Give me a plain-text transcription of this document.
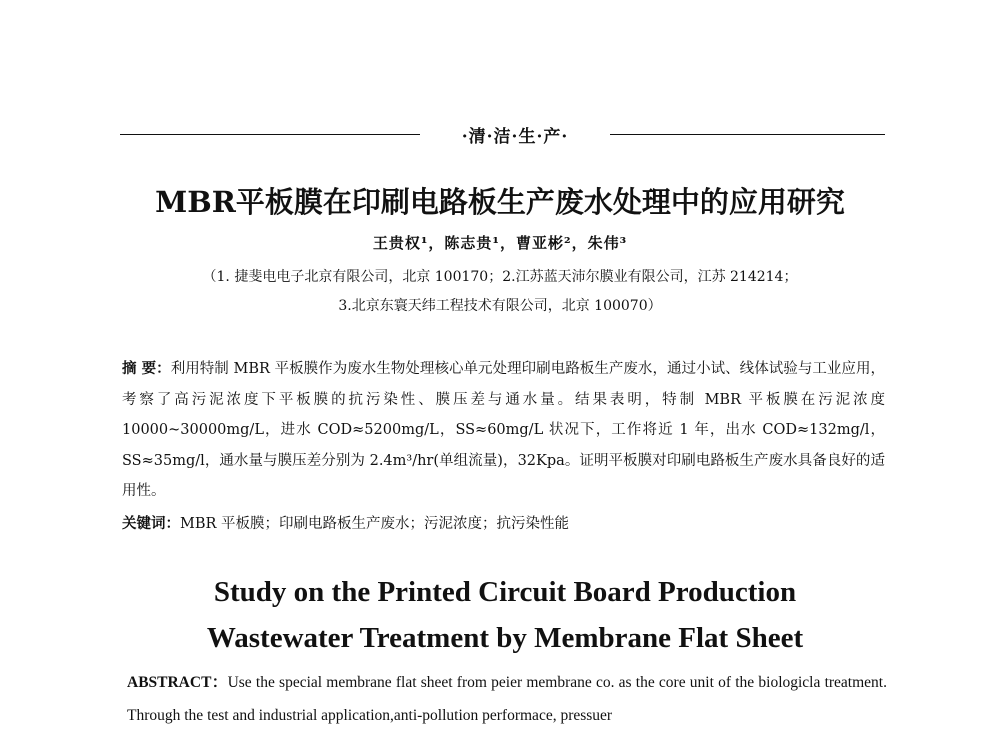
·清·洁·生·产·
MBR平板膜在印刷电路板生产废水处理中的应用研究
王贵权¹，陈志贵¹，曹亚彬²，朱伟³
（1. 捷斐电电子北京有限公司，北京 100170；2.江苏蓝天沛尔膜业有限公司，江苏 214214；
3.北京东寰天纬工程技术有限公司，北京 100070）
摘 要：利用特制 MBR 平板膜作为废水生物处理核心单元处理印刷电路板生产废水，通过小试、线体试验与工业应用，考察了高污泥浓度下平板膜的抗污染性、膜压差与通水量。结果表明，特制 MBR 平板膜在污泥浓度 10000~30000mg/L，进水 COD≈5200mg/L，SS≈60mg/L 状况下，工作将近 1 年，出水 COD≈132mg/l，SS≈35mg/l，通水量与膜压差分别为 2.4m³/hr(单组流量)，32Kpa。证明平板膜对印刷电路板生产废水具备良好的适用性。
关键词：MBR 平板膜；印刷电路板生产废水；污泥浓度；抗污染性能
Study on the Printed Circuit Board Production
Wastewater Treatment by Membrane Flat Sheet
ABSTRACT：Use the special membrane flat sheet from peier membrane co. as the core unit of the biologicla treatment. Through the test and industrial application,anti-pollution performace, pressuer
